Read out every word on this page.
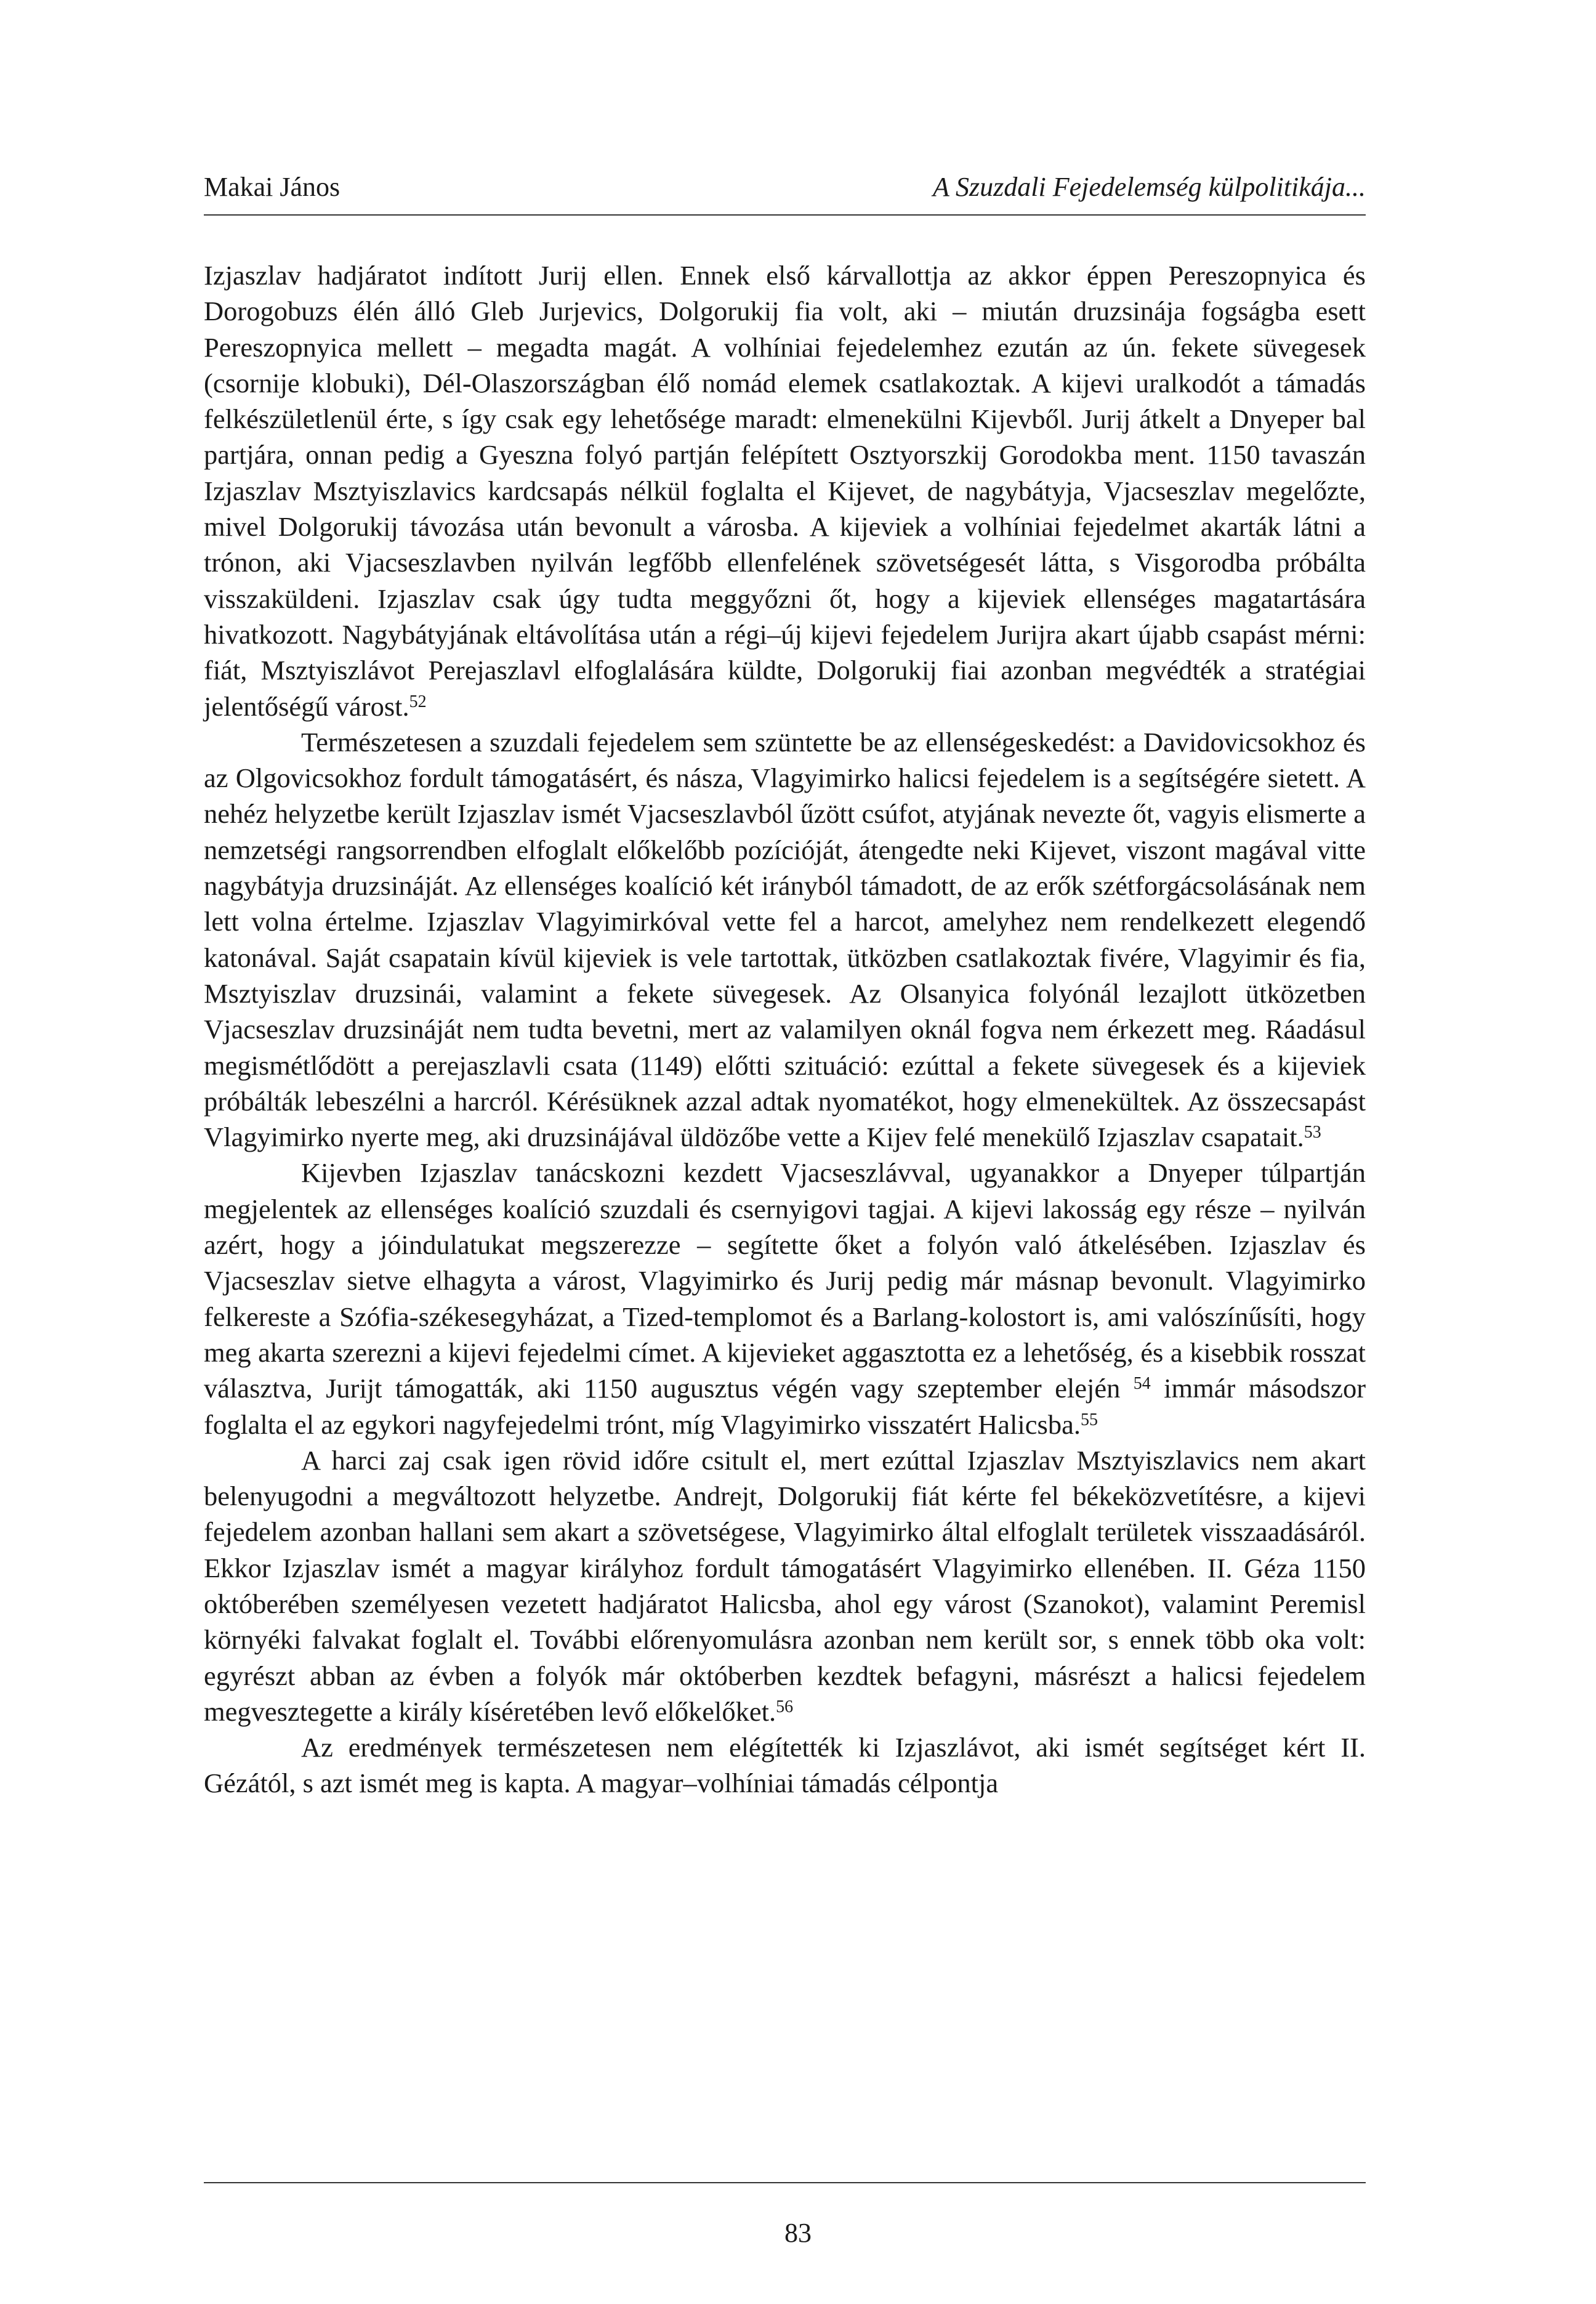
Makai János	A Szuzdali Fejedelemség külpolitikája...

Izjaszlav hadjáratot indított Jurij ellen. Ennek első kárvallottja az akkor éppen Pereszopnyica és Dorogobuzs élén álló Gleb Jurjevics, Dolgorukij fia volt, aki – miután druzsinája fogságba esett Pereszopnyica mellett – megadta magát. A volhíniai fejedelemhez ezután az ún. fekete süvegesek (csornije klobuki), Dél-Olaszországban élő nomád elemek csatlakoztak. A kijevi uralkodót a támadás felkészületlenül érte, s így csak egy lehetősége maradt: elmenekülni Kijevből. Jurij átkelt a Dnyeper bal partjára, onnan pedig a Gyeszna folyó partján felépített Osztyorszkij Gorodokba ment. 1150 tavaszán Izjaszlav Msztyiszlavics kardcsapás nélkül foglalta el Kijevet, de nagybátyja, Vjacseszlav megelőzte, mivel Dolgorukij távozása után bevonult a városba. A kijeviek a volhíniai fejedelmet akarták látni a trónon, aki Vjacseszlavben nyilván legfőbb ellenfelének szövetségesét látta, s Visgorodba próbálta visszaküldeni. Izjaszlav csak úgy tudta meggyőzni őt, hogy a kijeviek ellenséges magatartására hivatkozott. Nagybátyjának eltávolítása után a régi–új kijevi fejedelem Jurijra akart újabb csapást mérni: fiát, Msztyiszlávot Perejaszlavl elfoglalására küldte, Dolgorukij fiai azonban megvédték a stratégiai jelentőségű várost.$^{52}$

Természetesen a szuzdali fejedelem sem szüntette be az ellenségeskedést: a Davidovicsokhoz és az Olgovicsokhoz fordult támogatásért, és násza, Vlagyimirko halicsi fejedelem is a segítségére sietett. A nehéz helyzetbe került Izjaszlav ismét Vjacseszlavból űzött csúfot, atyjának nevezte őt, vagyis elismerte a nemzetségi rangsorrendben elfoglalt előkelőbb pozícióját, átengedte neki Kijevet, viszont magával vitte nagybátyja druzsináját. Az ellenséges koalíció két irányból támadott, de az erők szétforgácsolásának nem lett volna értelme. Izjaszlav Vlagyimirkóval vette fel a harcot, amelyhez nem rendelkezett elegendő katonával. Saját csapatain kívül kijeviek is vele tartottak, ütközben csatlakoztak fivére, Vlagyimir és fia, Msztyiszlav druzsinái, valamint a fekete süvegesek. Az Olsanyica folyónál lezajlott ütközetben Vjacseszlav druzsináját nem tudta bevetni, mert az valamilyen oknál fogva nem érkezett meg. Ráadásul megismétlődött a perejaszlavli csata (1149) előtti szituáció: ezúttal a fekete süvegesek és a kijeviek próbálták lebeszélni a harcról. Kérésüknek azzal adtak nyomatékot, hogy elmenekültek. Az összecsapást Vlagyimirko nyerte meg, aki druzsinájával üldözőbe vette a Kijev felé menekülő Izjaszlav csapatait.$^{53}$

Kijevben Izjaszlav tanácskozni kezdett Vjacseszlávval, ugyanakkor a Dnyeper túlpartján megjelentek az ellenséges koalíció szuzdali és csernyigovi tagjai. A kijevi lakosság egy része – nyilván azért, hogy a jóindulatukat megszerezze – segítette őket a folyón való átkelésében. Izjaszlav és Vjacseszlav sietve elhagyta a várost, Vlagyimirko és Jurij pedig már másnap bevonult. Vlagyimirko felkereste a Szófia-székesegyházat, a Tized-templomot és a Barlang-kolostort is, ami valószínűsíti, hogy meg akarta szerezni a kijevi fejedelmi címet. A kijevieket aggasztotta ez a lehetőség, és a kisebbik rosszat választva, Jurijt támogatták, aki 1150 augusztus végén vagy szeptember elején $^{54}$ immár másodszor foglalta el az egykori nagyfejedelmi trónt, míg Vlagyimirko visszatért Halicsba.$^{55}$

A harci zaj csak igen rövid időre csitult el, mert ezúttal Izjaszlav Msztyiszlavics nem akart belenyugodni a megváltozott helyzetbe. Andrejt, Dolgorukij fiát kérte fel békeközvetítésre, a kijevi fejedelem azonban hallani sem akart a szövetségese, Vlagyimirko által elfoglalt területek visszaadásáról. Ekkor Izjaszlav ismét a magyar királyhoz fordult támogatásért Vlagyimirko ellenében. II. Géza 1150 októberében személyesen vezetett hadjáratot Halicsba, ahol egy várost (Szanokot), valamint Peremisl környéki falvakat foglalt el. További előrenyomulásra azonban nem került sor, s ennek több oka volt: egyrészt abban az évben a folyók már októberben kezdtek befagyni, másrészt a halicsi fejedelem megvesztegette a király kíséretében levő előkelőket.$^{56}$

Az eredmények természetesen nem elégítették ki Izjaszlávot, aki ismét segítséget kért II. Gézától, s azt ismét meg is kapta. A magyar–volhíniai támadás célpontja

83
